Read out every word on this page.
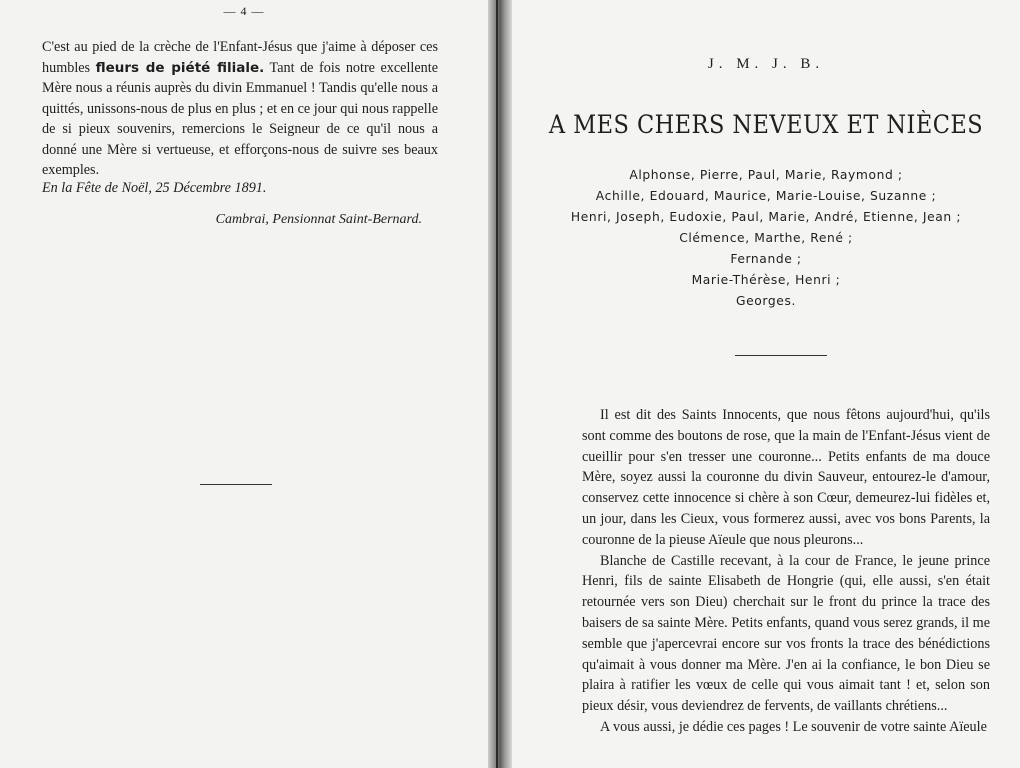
— 4 —
C'est au pied de la crèche de l'Enfant-Jésus que j'aime à déposer ces humbles fleurs de piété filiale. Tant de fois notre excellente Mère nous a réunis auprès du divin Emmanuel ! Tandis qu'elle nous a quittés, unissons-nous de plus en plus ; et en ce jour qui nous rappelle de si pieux souvenirs, remercions le Seigneur de ce qu'il nous a donné une Mère si vertueuse, et efforçons-nous de suivre ses beaux exemples.
En la Fête de Noël, 25 Décembre 1891.
Cambrai, Pensionnat Saint-Bernard.
J. M. J. B.
A MES CHERS NEVEUX ET NIÈCES
Alphonse, Pierre, Paul, Marie, Raymond ;
Achille, Edouard, Maurice, Marie-Louise, Suzanne ;
Henri, Joseph, Eudoxie, Paul, Marie, André, Etienne, Jean ;
Clémence, Marthe, René ;
Fernande ;
Marie-Thérèse, Henri ;
Georges.

Il est dit des Saints Innocents, que nous fêtons aujourd'hui, qu'ils sont comme des boutons de rose, que la main de l'Enfant-Jésus vient de cueillir pour s'en tresser une couronne... Petits enfants de ma douce Mère, soyez aussi la couronne du divin Sauveur, entourez-le d'amour, conservez cette innocence si chère à son Cœur, demeurez-lui fidèles et, un jour, dans les Cieux, vous formerez aussi, avec vos bons Parents, la couronne de la pieuse Aïeule que nous pleurons...

Blanche de Castille recevant, à la cour de France, le jeune prince Henri, fils de sainte Elisabeth de Hongrie (qui, elle aussi, s'en était retournée vers son Dieu) cherchait sur le front du prince la trace des baisers de sa sainte Mère. Petits enfants, quand vous serez grands, il me semble que j'apercevrai encore sur vos fronts la trace des bénédictions qu'aimait à vous donner ma Mère. J'en ai la confiance, le bon Dieu se plaira à ratifier les vœux de celle qui vous aimait tant ! et, selon son pieux désir, vous deviendrez de fervents, de vaillants chrétiens...

A vous aussi, je dédie ces pages ! Le souvenir de votre sainte Aïeule
